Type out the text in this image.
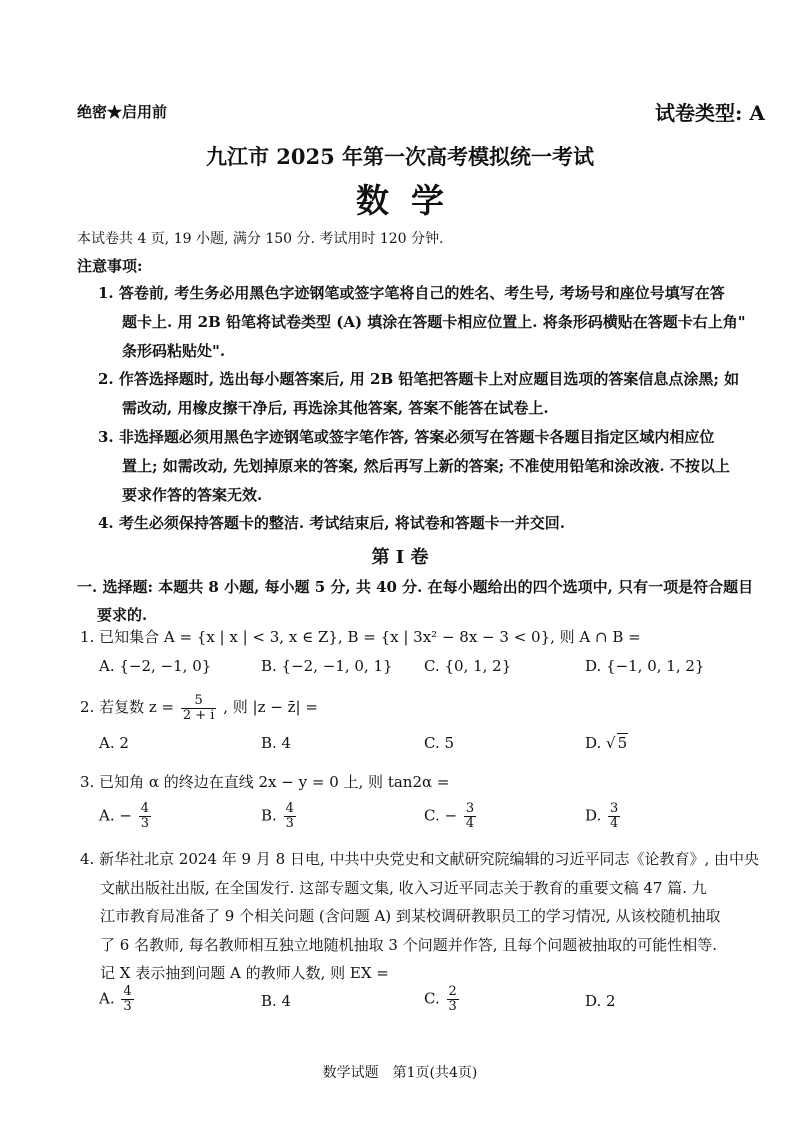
绝密★启用前	试卷类型: A
九江市 2025 年第一次高考模拟统一考试
数学
本试卷共 4 页, 19 小题, 满分 150 分. 考试用时 120 分钟.
注意事项:
1. 答卷前, 考生务必用黑色字迹钢笔或签字笔将自己的姓名、考生号, 考场号和座位号填写在答
题卡上. 用 2B 铅笔将试卷类型 (A) 填涂在答题卡相应位置上. 将条形码横贴在答题卡右上角"
条形码粘贴处".
2. 作答选择题时, 选出每小题答案后, 用 2B 铅笔把答题卡上对应题目选项的答案信息点涂黑; 如
需改动, 用橡皮擦干净后, 再选涂其他答案, 答案不能答在试卷上.
3. 非选择题必须用黑色字迹钢笔或签字笔作答, 答案必须写在答题卡各题目指定区域内相应位
置上; 如需改动, 先划掉原来的答案, 然后再写上新的答案; 不准使用铅笔和涂改液. 不按以上
要求作答的答案无效.
4. 考生必须保持答题卡的整洁. 考试结束后, 将试卷和答题卡一并交回.
第 Ⅰ 卷
一. 选择题: 本题共 8 小题, 每小题 5 分, 共 40 分. 在每小题给出的四个选项中, 只有一项是符合题目
要求的.
1. 已知集合 A = {x | x | < 3, x ∈ Z}, B = {x | 3x² − 8x − 3 < 0}, 则 A ∩ B =
A. {−2, −1, 0}	B. {−2, −1, 0, 1} C. {0, 1, 2}	D. {−1, 0, 1, 2}
2. 若复数 $z = \frac{5}{2 + i}$ , 则 |z − z̄| =
A. 2	B. 4	C. 5	D. √ 5
3. 已知角 α 的终边在直线 2x − y = 0 上, 则 tan2α =
A. − $\frac{4}{3}$	B. $\frac{4}{3}$	C. − $\frac{3}{4}$	D. $\frac{3}{4}$
4. 新华社北京 2024 年 9 月 8 日电, 中共中央党史和文献研究院编辑的习近平同志《论教育》, 由中央
文献出版社出版, 在全国发行. 这部专题文集, 收入习近平同志关于教育的重要文稿 47 篇. 九
江市教育局准备了 9 个相关问题 (含问题 A) 到某校调研教职员工的学习情况, 从该校随机抽取
了 6 名教师, 每名教师相互独立地随机抽取 3 个问题并作答, 且每个问题被抽取的可能性相等.
记 X 表示抽到问题 A 的教师人数, 则 EX =
A. $\frac{4}{3}$	B. 4	C. $\frac{2}{3}$	D. 2
数学试题　第1页(共4页)
